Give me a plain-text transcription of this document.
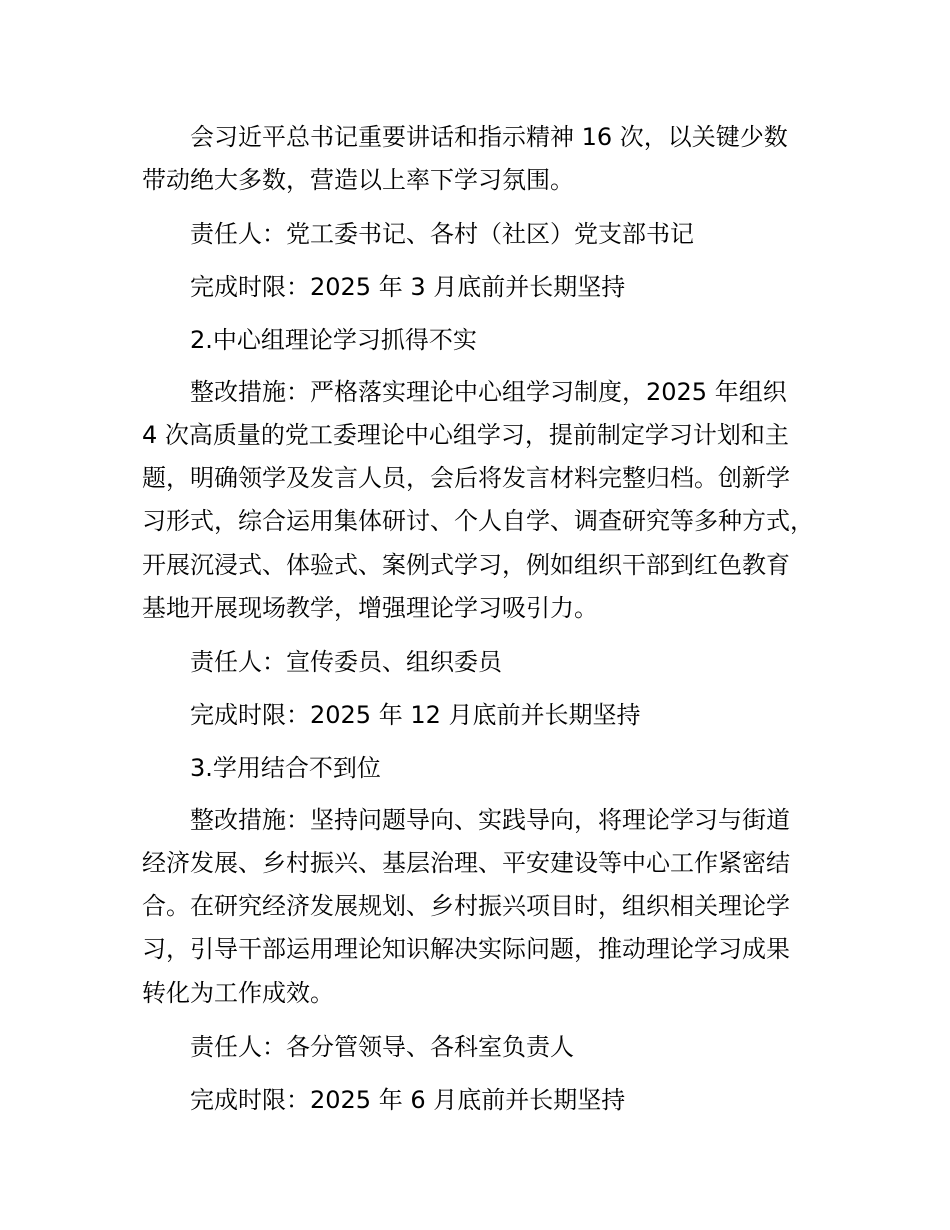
会习近平总书记重要讲话和指示精神 16 次，以关键少数
带动绝大多数，营造以上率下学习氛围。
责任人：党工委书记、各村（社区）党支部书记
完成时限：2025 年 3 月底前并长期坚持
2.中心组理论学习抓得不实
整改措施：严格落实理论中心组学习制度，2025 年组织
4 次高质量的党工委理论中心组学习，提前制定学习计划和主
题，明确领学及发言人员，会后将发言材料完整归档。创新学
习形式，综合运用集体研讨、个人自学、调查研究等多种方式，
开展沉浸式、体验式、案例式学习，例如组织干部到红色教育
基地开展现场教学，增强理论学习吸引力。
责任人：宣传委员、组织委员
完成时限：2025 年 12 月底前并长期坚持
3.学用结合不到位
整改措施：坚持问题导向、实践导向，将理论学习与街道
经济发展、乡村振兴、基层治理、平安建设等中心工作紧密结
合。在研究经济发展规划、乡村振兴项目时，组织相关理论学
习，引导干部运用理论知识解决实际问题，推动理论学习成果
转化为工作成效。
责任人：各分管领导、各科室负责人
完成时限：2025 年 6 月底前并长期坚持
